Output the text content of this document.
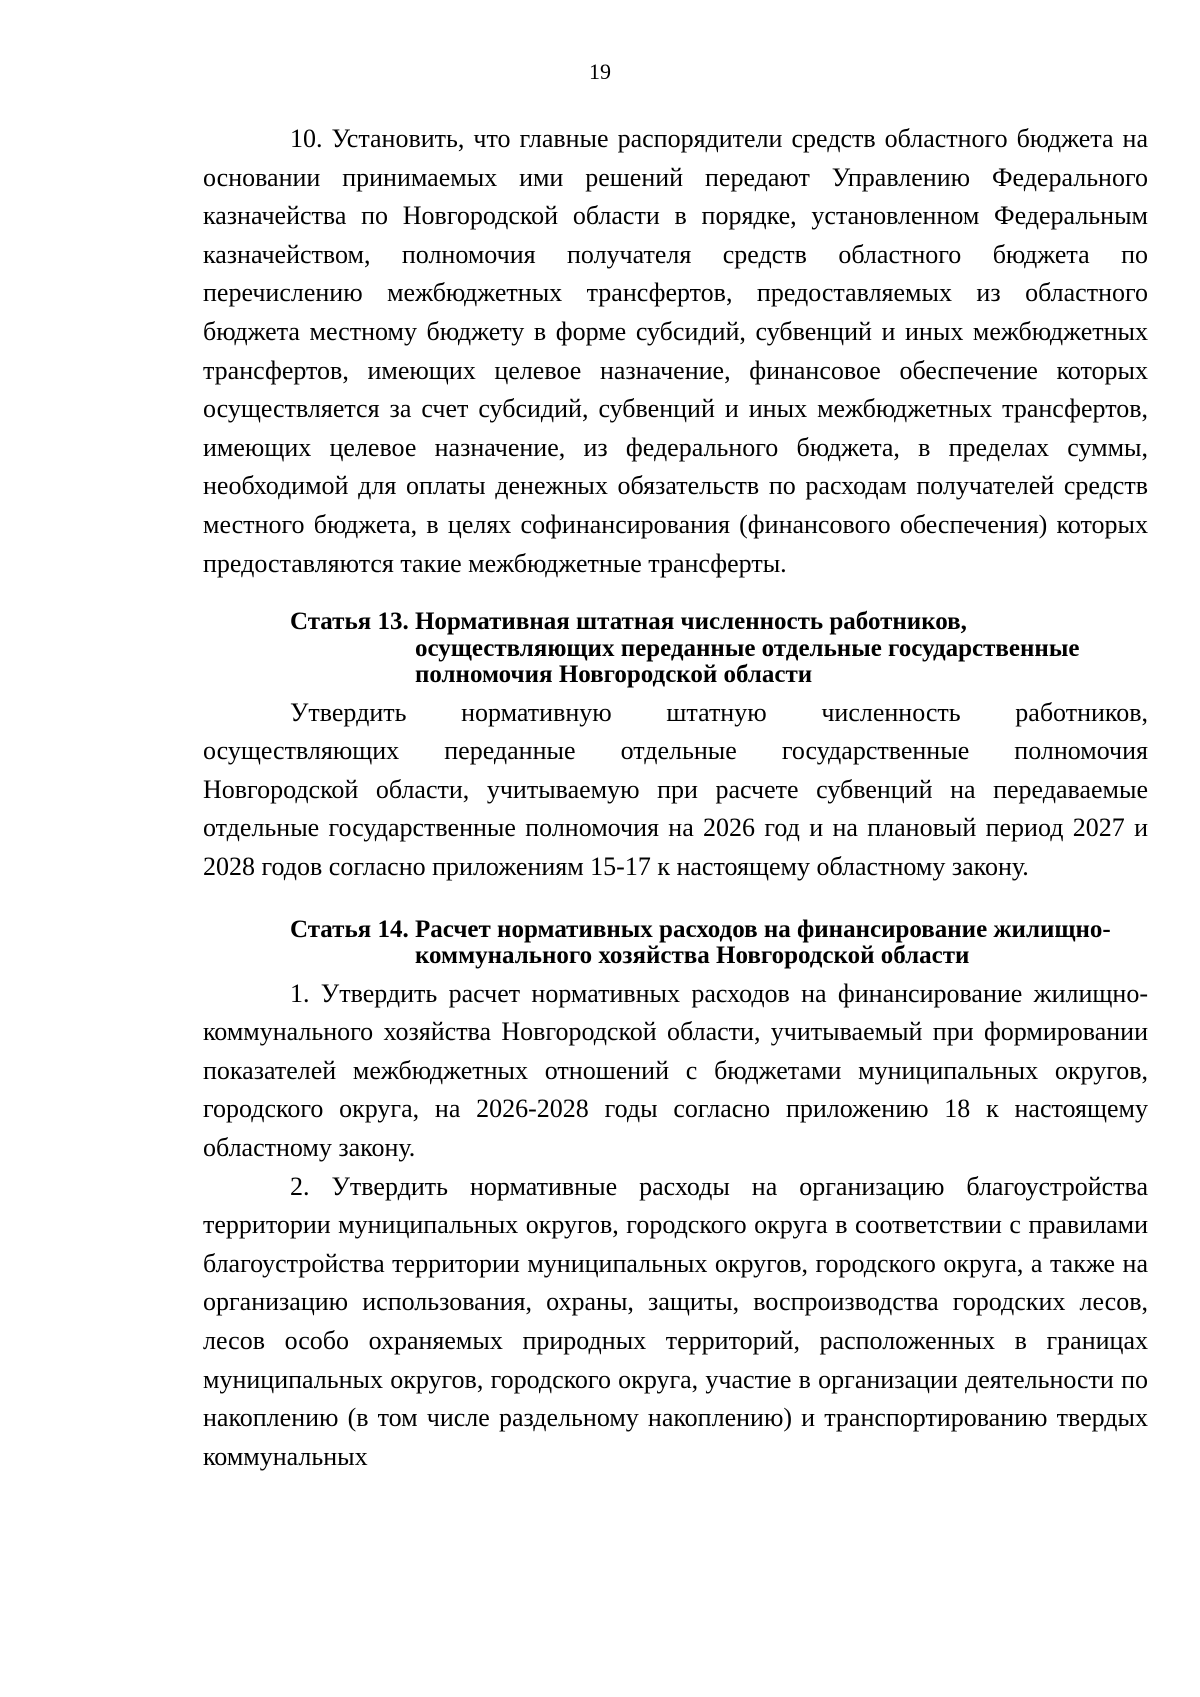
19

10. Установить, что главные распорядители средств областного бюджета на основании принимаемых ими решений передают Управлению Федерального казначейства по Новгородской области в порядке, установленном Федеральным казначейством, полномочия получателя средств областного бюджета по перечислению межбюджетных трансфертов, предоставляемых из областного бюджета местному бюджету в форме субсидий, субвенций и иных межбюджетных трансфертов, имеющих целевое назначение, финансовое обеспечение которых осуществляется за счет субсидий, субвенций и иных межбюджетных трансфертов, имеющих целевое назначение, из федерального бюджета, в пределах суммы, необходимой для оплаты денежных обязательств по расходам получателей средств местного бюджета, в целях софинансирования (финансового обеспечения) которых предоставляются такие межбюджетные трансферты.

Статья 13. Нормативная штатная численность работников, осуществляющих переданные отдельные государственные полномочия Новгородской области

Утвердить нормативную штатную численность работников, осуществляющих переданные отдельные государственные полномочия Новгородской области, учитываемую при расчете субвенций на передаваемые отдельные государственные полномочия на 2026 год и на плановый период 2027 и 2028 годов согласно приложениям 15-17 к настоящему областному закону.

Статья 14. Расчет нормативных расходов на финансирование жилищно-коммунального хозяйства Новгородской области

1. Утвердить расчет нормативных расходов на финансирование жилищно-коммунального хозяйства Новгородской области, учитываемый при формировании показателей межбюджетных отношений с бюджетами муниципальных округов, городского округа, на 2026-2028 годы согласно приложению 18 к настоящему областному закону.

2. Утвердить нормативные расходы на организацию благоустройства территории муниципальных округов, городского округа в соответствии с правилами благоустройства территории муниципальных округов, городского округа, а также на организацию использования, охраны, защиты, воспроизводства городских лесов, лесов особо охраняемых природных территорий, расположенных в границах муниципальных округов, городского округа, участие в организации деятельности по накоплению (в том числе раздельному накоплению) и транспортированию твердых коммунальных
